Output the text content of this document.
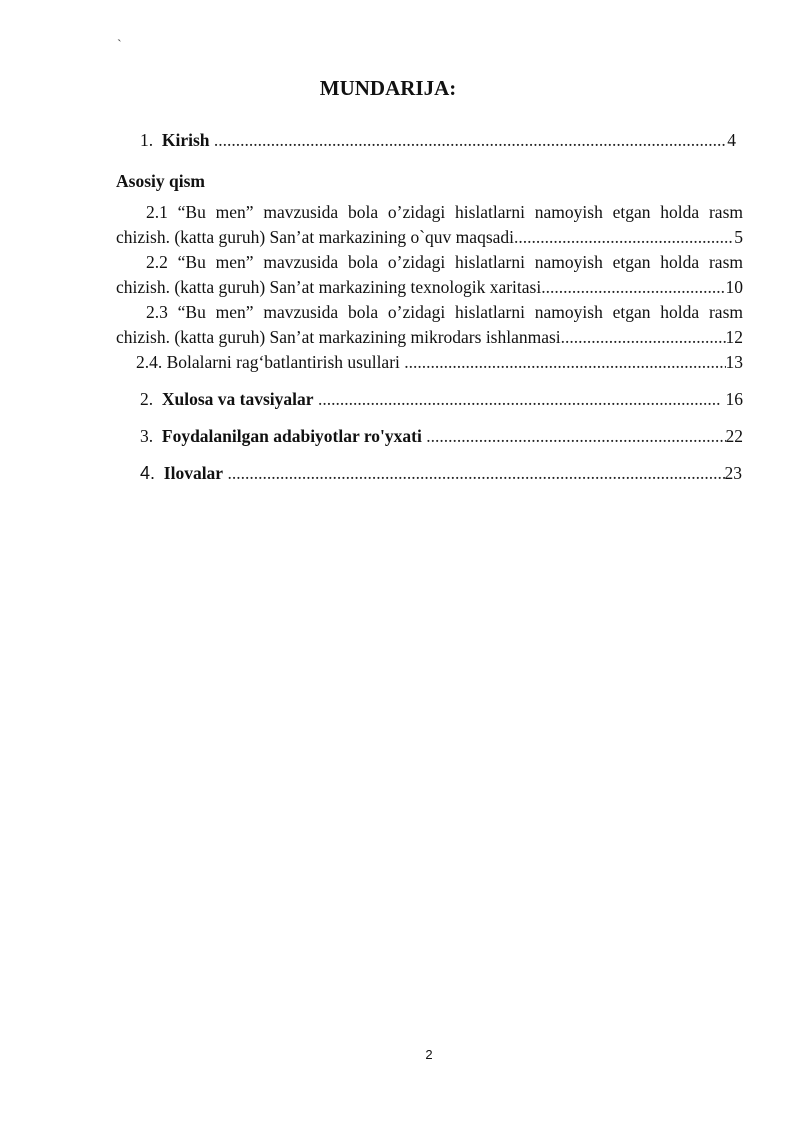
`
MUNDARIJA:
1. Kirish .....	4
Asosiy qism
2.1 “Bu men” mavzusida bola o’zidagi hislatlarni namoyish etgan holda rasm
chizish. (katta guruh) San’at markazining o`quv maqsadi .....	5
2.2 “Bu men” mavzusida bola o’zidagi hislatlarni namoyish etgan holda rasm
chizish. (katta guruh) San’at markazining texnologik xaritasi .....	10
2.3 “Bu men” mavzusida bola o’zidagi hislatlarni namoyish etgan holda rasm
chizish. (katta guruh) San’at markazining mikrodars ishlanmasi .....	12
2.4. Bolalarni rag‘batlantirish usullari .....	13
2. Xulosa va tavsiyalar .....	16
3. Foydalanilgan adabiyotlar ro'yxati .....	22
4. Ilovalar .....	23
2
